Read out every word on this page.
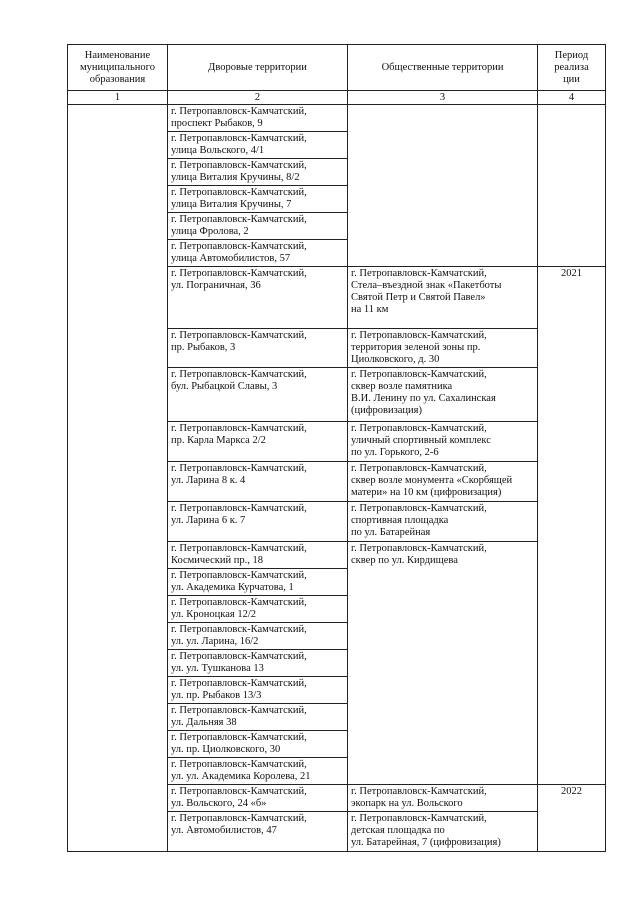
Наименование
муниципального
образования	Дворовые территории	Общественные территории	Период
реализа
ции

1	2	3	4

	г. Петропавловск-Камчатский,
проспект Рыбаков, 9		

	г. Петропавловск-Камчатский,
улица Вольского, 4/1		

	г. Петропавловск-Камчатский,
улица Виталия Кручины, 8/2		

	г. Петропавловск-Камчатский,
улица Виталия Кручины, 7		

	г. Петропавловск-Камчатский,
улица Фролова, 2		

	г. Петропавловск-Камчатский,
улица Автомобилистов, 57		

	г. Петропавловск-Камчатский,
ул. Пограничная, 36	г. Петропавловск-Камчатский,
Стела–въездной знак «Пакетботы
Святой Петр и Святой Павел»
на 11 км	2021

	г. Петропавловск-Камчатский,
пр. Рыбаков, 3	г. Петропавловск-Камчатский,
территория зеленой зоны пр.
Циолковского, д. 30	

	г. Петропавловск-Камчатский,
бул. Рыбацкой Славы, 3	г. Петропавловск-Камчатский,
сквер возле памятника
В.И. Ленину по ул. Сахалинская
(цифровизация)	

	г. Петропавловск-Камчатский,
пр. Карла Маркса 2/2	г. Петропавловск-Камчатский,
уличный спортивный комплекс
по ул. Горького, 2-6	

	г. Петропавловск-Камчатский,
ул. Ларина 8 к. 4	г. Петропавловск-Камчатский,
сквер возле монумента «Скорбящей
матери» на 10 км (цифровизация)	

	г. Петропавловск-Камчатский,
ул. Ларина 6 к. 7	г. Петропавловск-Камчатский,
спортивная площадка
по ул. Батарейная	

	г. Петропавловск-Камчатский,
Космический пр., 18	г. Петропавловск-Камчатский,
сквер по ул. Кирдищева	

	г. Петропавловск-Камчатский,
ул. Академика Курчатова, 1		

	г. Петропавловск-Камчатский,
ул. Кроноцкая 12/2		

	г. Петропавловск-Камчатский,
ул. ул. Ларина, 16/2		

	г. Петропавловск-Камчатский,
ул. ул. Тушканова 13		

	г. Петропавловск-Камчатский,
ул. пр. Рыбаков 13/3		

	г. Петропавловск-Камчатский,
ул. Дальняя 38		

	г. Петропавловск-Камчатский,
ул. пр. Циолковского, 30		

	г. Петропавловск-Камчатский,
ул. ул. Академика Королева, 21		

	г. Петропавловск-Камчатский,
ул. Вольского, 24 «б»	г. Петропавловск-Камчатский,
экопарк на ул. Вольского	2022

	г. Петропавловск-Камчатский,
ул. Автомобилистов, 47	г. Петропавловск-Камчатский,
детская площадка по
ул. Батарейная, 7 (цифровизация)	
